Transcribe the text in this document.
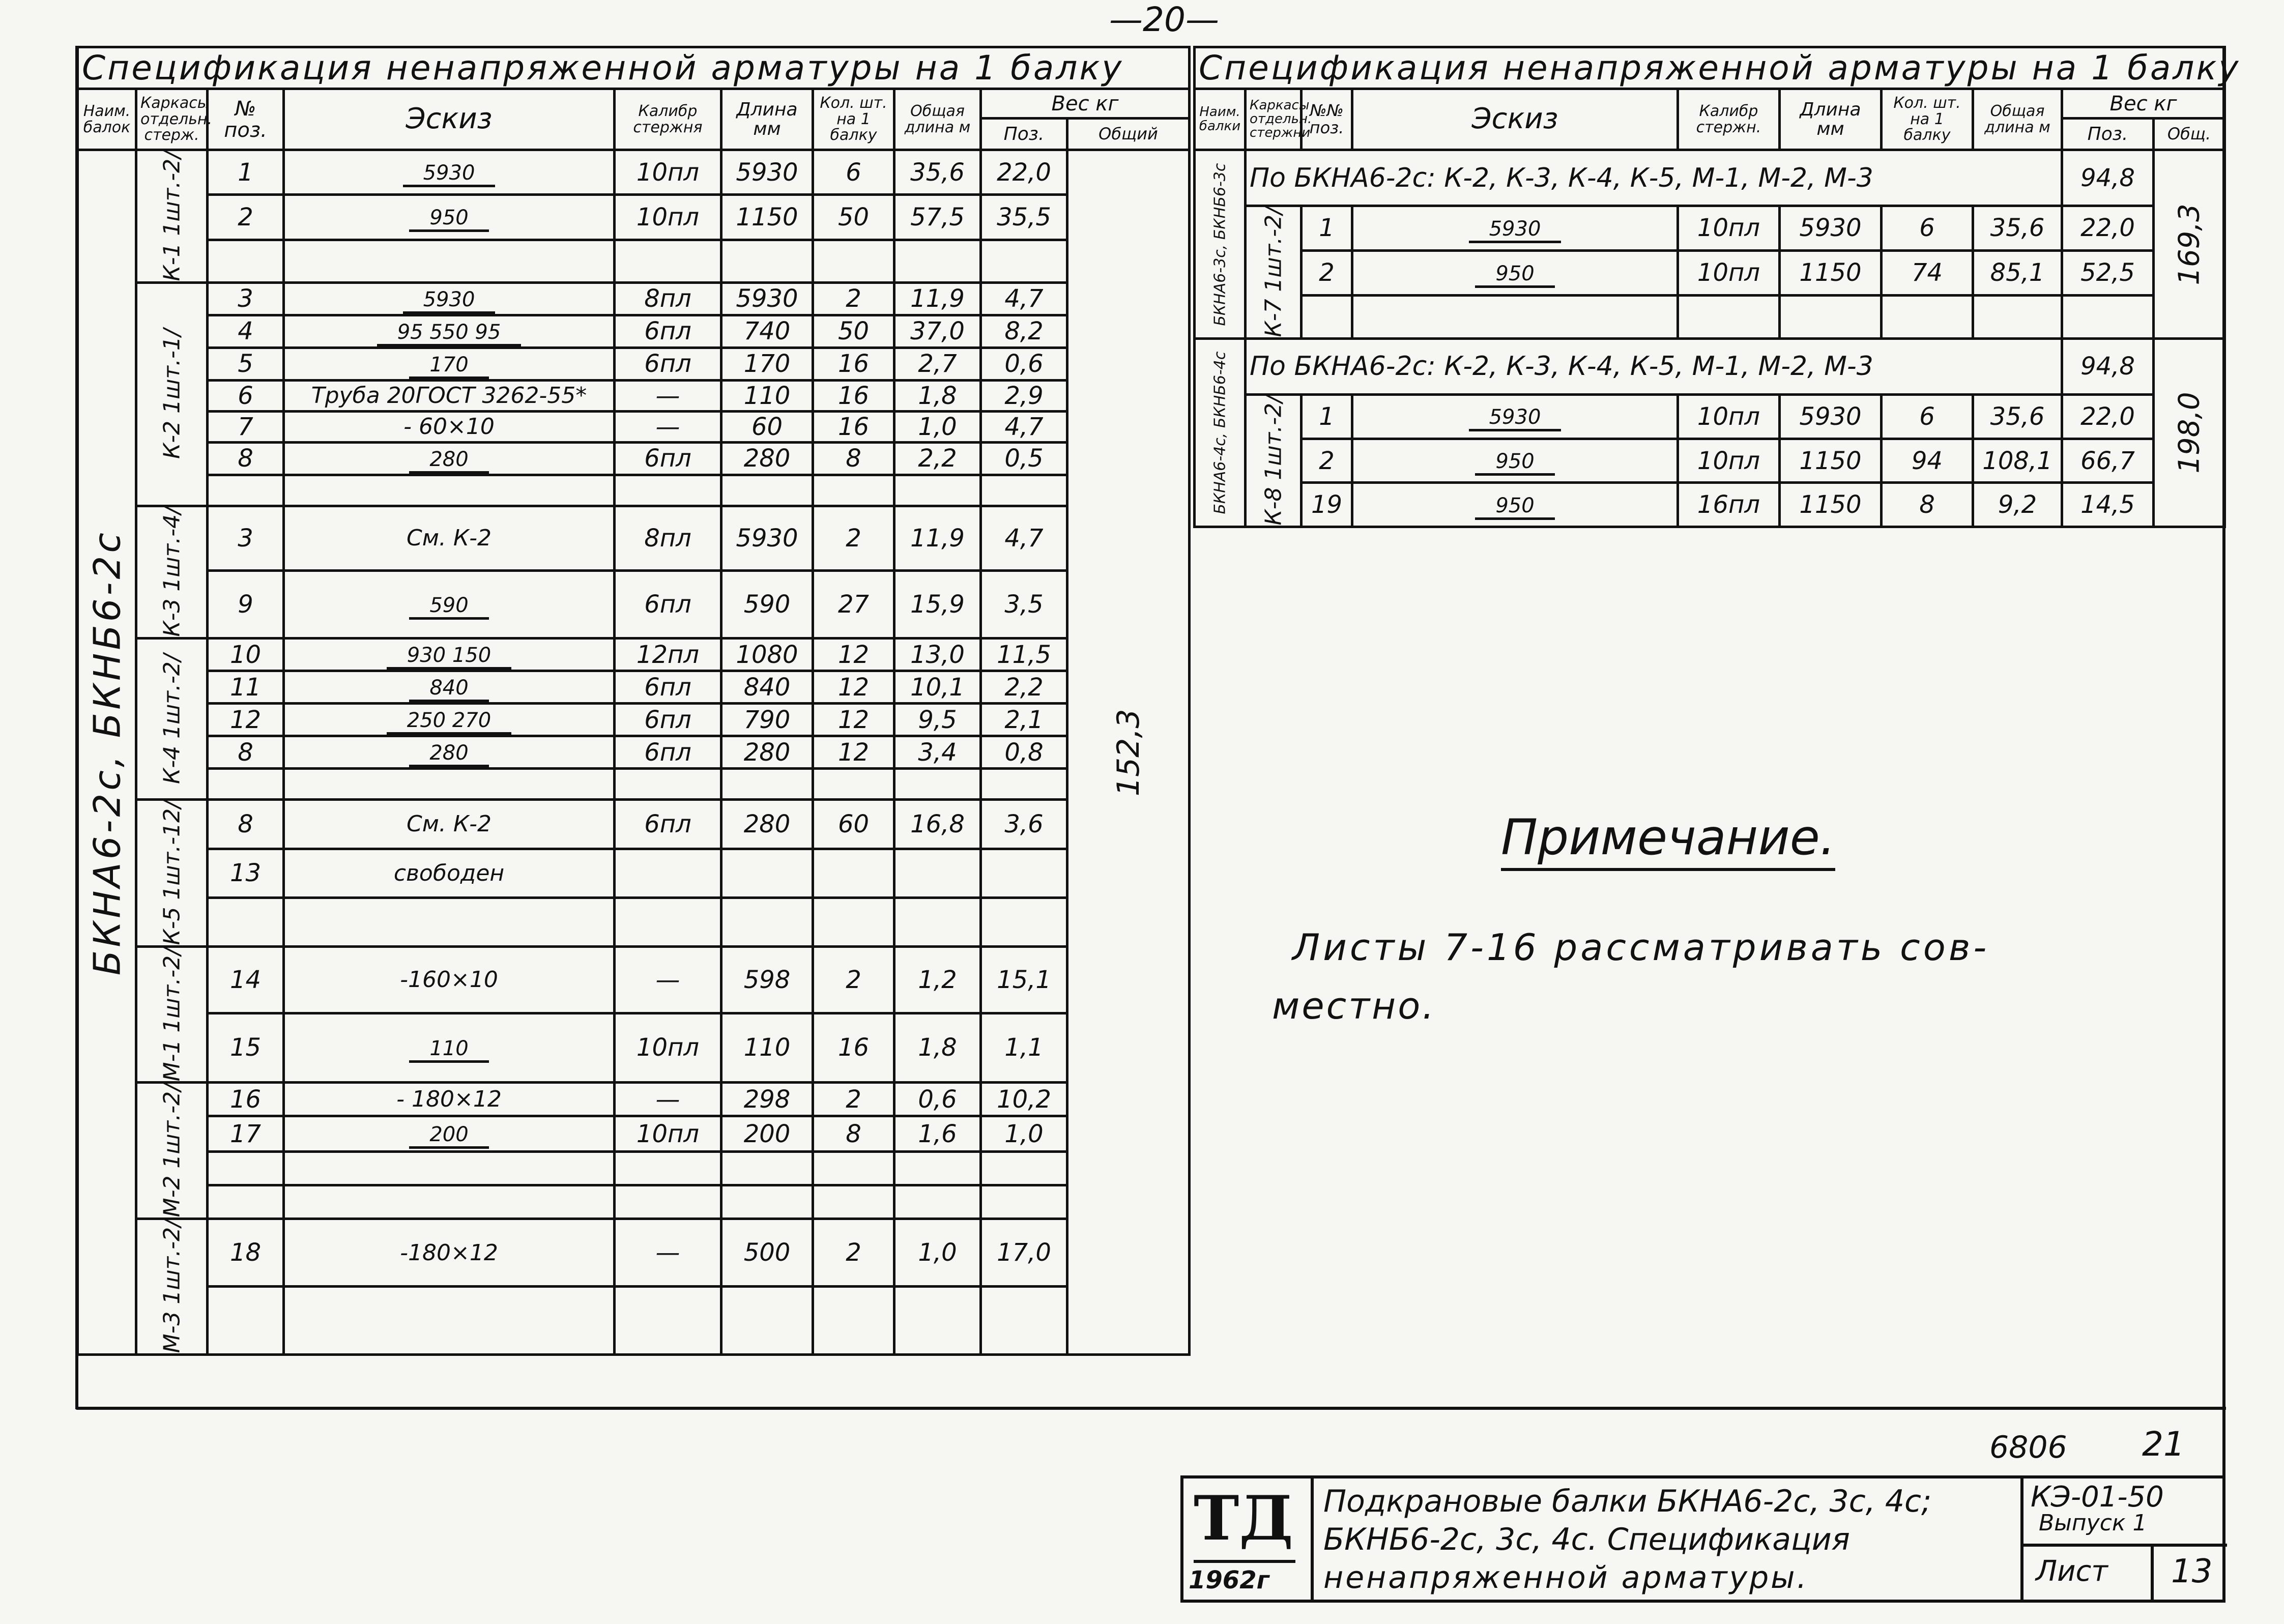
—20—
Спецификация ненапряженной арматуры на 1 балку									
Наим. балок	Каркасы отдельн. стерж.	№ поз.	Эскиз	Калибр стержня	Длина мм	Кол. шт. на 1 балку	Общая длина м	Вес кг	
								Поз.	Общий
БКНА6-2с, БКНБ6-2с	К-1 1шт.-2/	1	5930	10пл	5930	6	35,6	22,0	152,3
		2	950	10пл	1150	50	57,5	35,5	

	К-2 1шт.-1/	3	5930	8пл	5930	2	11,9	4,7	
		4	95 550 95	6пл	740	50	37,0	8,2	
		5	170	6пл	170	16	2,7	0,6	
		6	Труба 20ГОСТ 3262-55*	—	110	16	1,8	2,9	
		7	- 60×10	—	60	16	1,0	4,7	
		8	280	6пл	280	8	2,2	0,5	

	К-3 1шт.-4/	3	См. К-2	8пл	5930	2	11,9	4,7	
		9	590	6пл	590	27	15,9	3,5	
	К-4 1шт.-2/	10	930 150	12пл	1080	12	13,0	11,5	
		11	840	6пл	840	12	10,1	2,2	
		12	250 270	6пл	790	12	9,5	2,1	
		8	280	6пл	280	12	3,4	0,8	

	К-5 1шт.-12/	8	См. К-2	6пл	280	60	16,8	3,6	
		13	свободен						

	М-1 1шт.-2/	14	-160×10	—	598	2	1,2	15,1	
		15	110	10пл	110	16	1,8	1,1	
	М-2 1шт.-2/	16	- 180×12	—	298	2	0,6	10,2	
		17	200	10пл	200	8	1,6	1,0	

	М-3 1шт.-2/	18	-180×12	—	500	2	1,0	17,0	

Спецификация ненапряженной арматуры на 1 балку									
Наим. балки	Каркасы отдельн. стержни	№№ поз.	Эскиз	Калибр стержн.	Длина мм	Кол. шт. на 1 балку	Общая длина м	Вес кг	
								Поз.	Общ.
БКНА6-3с, БКНБ6-3с	По БКНА6-2с: К-2, К-3, К-4, К-5, М-1, М-2, М-3							94,8	169,3
	К-7 1шт.-2/	1	5930	10пл	5930	6	35,6	22,0	
		2	950	10пл	1150	74	85,1	52,5	

БКНА6-4с, БКНБ6-4с	По БКНА6-2с: К-2, К-3, К-4, К-5, М-1, М-2, М-3							94,8	198,0
	К-8 1шт.-2/	1	5930	10пл	5930	6	35,6	22,0	
		2	950	10пл	1150	94	108,1	66,7	
		19	950	16пл	1150	8	9,2	14,5	
Примечание.
Листы 7-16 рассматривать сов-
местно.
6806 21
ТД
1962г
Подкрановые балки БКНА6-2с, 3с, 4с;
БКНБ6-2с, 3с, 4с. Спецификация
ненапряженной арматуры.
КЭ-01-50
Выпуск 1
Лист 13
